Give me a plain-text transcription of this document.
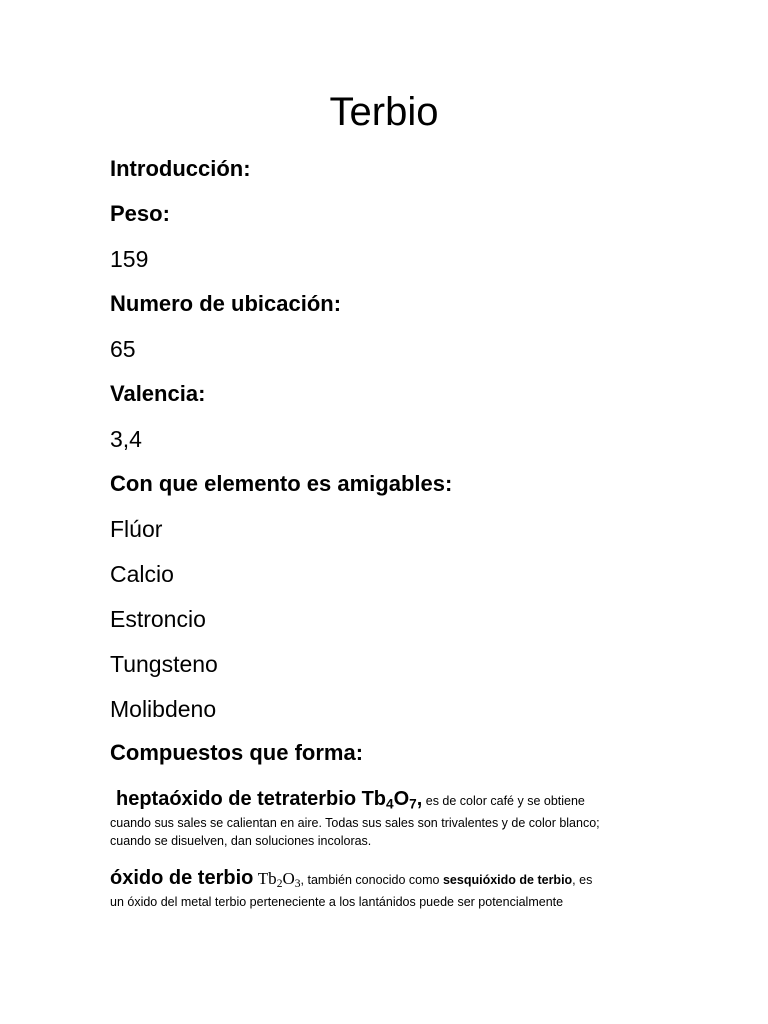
Terbio

Introducción:

Peso:

159

Numero de ubicación:

65

Valencia:

3,4

Con que elemento es amigables:

Flúor

Calcio

Estroncio

Tungsteno

Molibdeno

Compuestos que forma:

heptaóxido de tetraterbio $Tb_4O_7$, es de color café y se obtiene
cuando sus sales se calientan en aire. Todas sus sales son trivalentes y de color blanco;
cuando se disuelven, dan soluciones incoloras.
óxido de terbio $Tb_2O_3$, también conocido como sesquióxido de terbio, es
un óxido del metal terbio perteneciente a los lantánidos puede ser potencialmente
